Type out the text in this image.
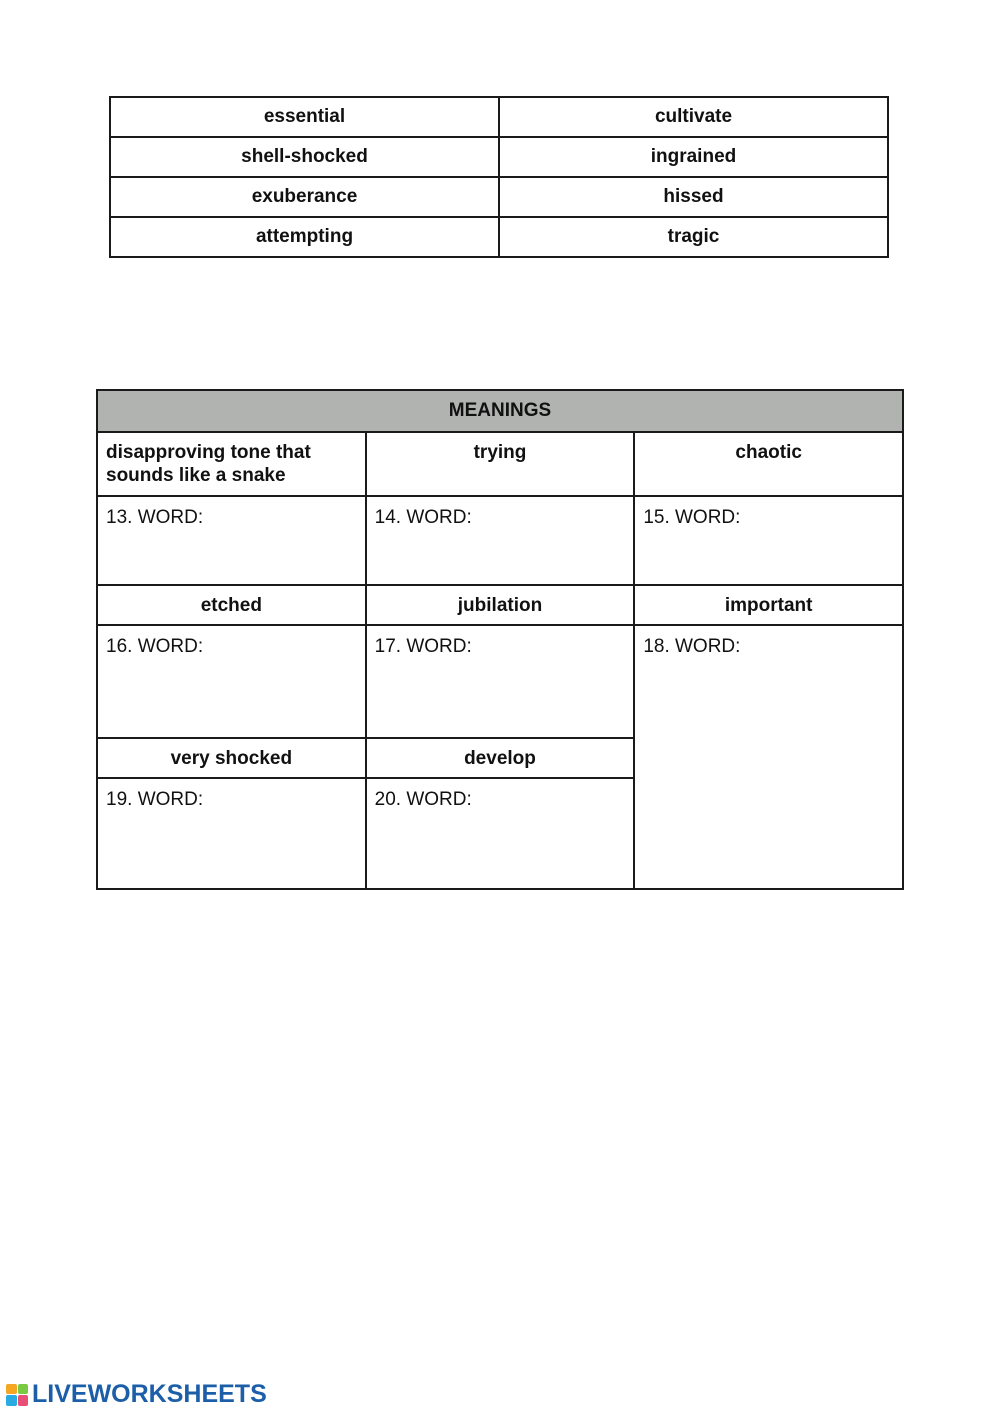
essential	cultivate
shell-shocked	ingrained
exuberance	hissed
attempting	tragic
MEANINGS		
disapproving tone that sounds like a snake	trying	chaotic
13. WORD:	14. WORD:	15. WORD:
etched	jubilation	important
16. WORD:	17. WORD:	18. WORD:
very shocked	develop	
19. WORD:	20. WORD:	
LIVEWORKSHEETS
